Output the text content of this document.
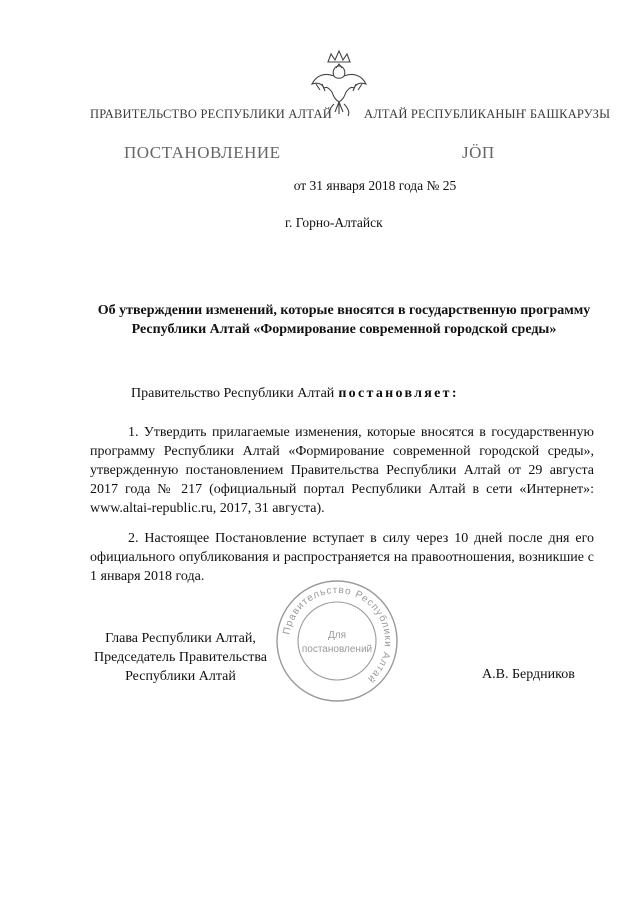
ПРАВИТЕЛЬСТВО РЕСПУБЛИКИ АЛТАЙ	АЛТАЙ РЕСПУБЛИКАНЫҤ БАШКАРУЗЫ
ПОСТАНОВЛЕНИЕ	JÖП
от 31 января 2018 года № 25
г. Горно-Алтайск
Об утверждении изменений, которые вносятся в государственную программу Республики Алтай «Формирование современной городской среды»
Правительство Республики Алтай постановляет:
1. Утвердить прилагаемые изменения, которые вносятся в государственную программу Республики Алтай «Формирование современной городской среды», утвержденную постановлением Правительства Республики Алтай от 29 августа 2017 года № 217 (официальный портал Республики Алтай в сети «Интернет»: www.altai-republic.ru, 2017, 31 августа).
2. Настоящее Постановление вступает в силу через 10 дней после дня его официального опубликования и распространяется на правоотношения, возникшие с 1 января 2018 года.
Правительство Республики Алтай
Для
постановлений
Глава Республики Алтай,
Председатель Правительства
Республики Алтай	А.В. Бердников
